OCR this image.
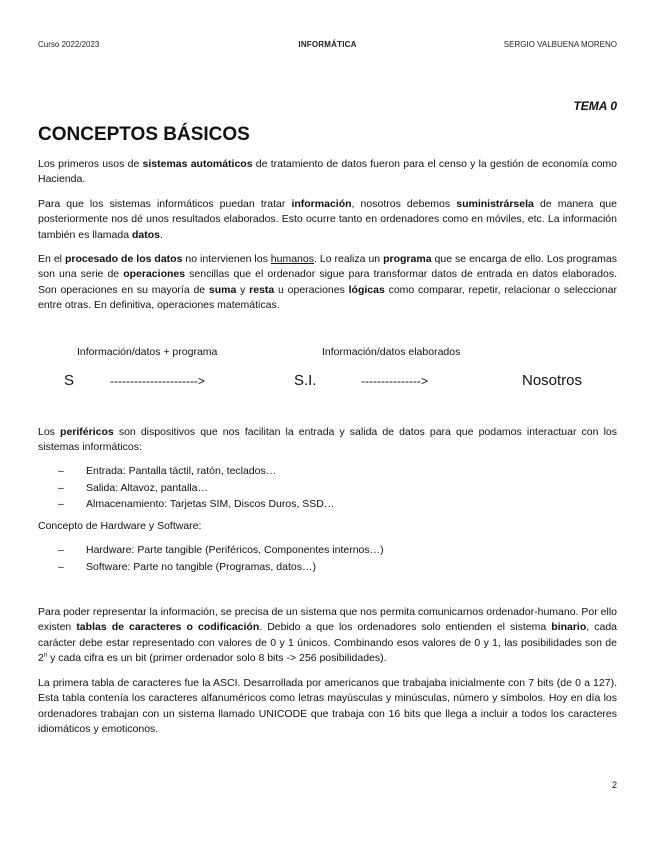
Curso 2022/2023	INFORMÁTICA	SERGIO VALBUENA MORENO
TEMA 0
CONCEPTOS BÁSICOS

Los primeros usos de sistemas automáticos de tratamiento de datos fueron para el censo y la gestión de economía como Hacienda.

Para que los sistemas informáticos puedan tratar información, nosotros debemos suministrársela de manera que posteriormente nos dé unos resultados elaborados. Esto ocurre tanto en ordenadores como en móviles, etc. La información también es llamada datos.

En el procesado de los datos no intervienen los humanos. Lo realiza un programa que se encarga de ello. Los programas son una serie de operaciones sencillas que el ordenador sigue para transformar datos de entrada en datos elaborados. Son operaciones en su mayoría de suma y resta u operaciones lógicas como comparar, repetir, relacionar o seleccionar entre otras. En definitiva, operaciones matemáticas.

Información/datos + programa	Información/datos elaborados
S	---------------------->	S.I.	--------------->	Nosotros

Los periféricos son dispositivos que nos facilitan la entrada y salida de datos para que podamos interactuar con los sistemas informáticos:

– Entrada: Pantalla táctil, ratón, teclados…
– Salida: Altavoz, pantalla…
– Almacenamiento: Tarjetas SIM, Discos Duros, SSD…
Concepto de Hardware y Software:
– Hardware: Parte tangible (Periféricos, Componentes internos…)
– Software: Parte no tangible (Programas, datos…)

Para poder representar la información, se precisa de un sistema que nos permita comunicarnos ordenador-humano. Por ello existen tablas de caracteres o codificación. Debido a que los ordenadores solo entienden el sistema binario, cada carácter debe estar representado con valores de 0 y 1 únicos. Combinando esos valores de 0 y 1, las posibilidades son de 2$^n$ y cada cifra es un bit (primer ordenador solo 8 bits -> 256 posibilidades).

La primera tabla de caracteres fue la ASCI. Desarrollada por americanos que trabajaba inicialmente con 7 bits (de 0 a 127). Esta tabla contenía los caracteres alfanuméricos como letras mayúsculas y minúsculas, número y símbolos. Hoy en día los ordenadores trabajan con un sistema llamado UNICODE que trabaja con 16 bits que llega a incluir a todos los caracteres idiomáticos y emoticonos.

2
